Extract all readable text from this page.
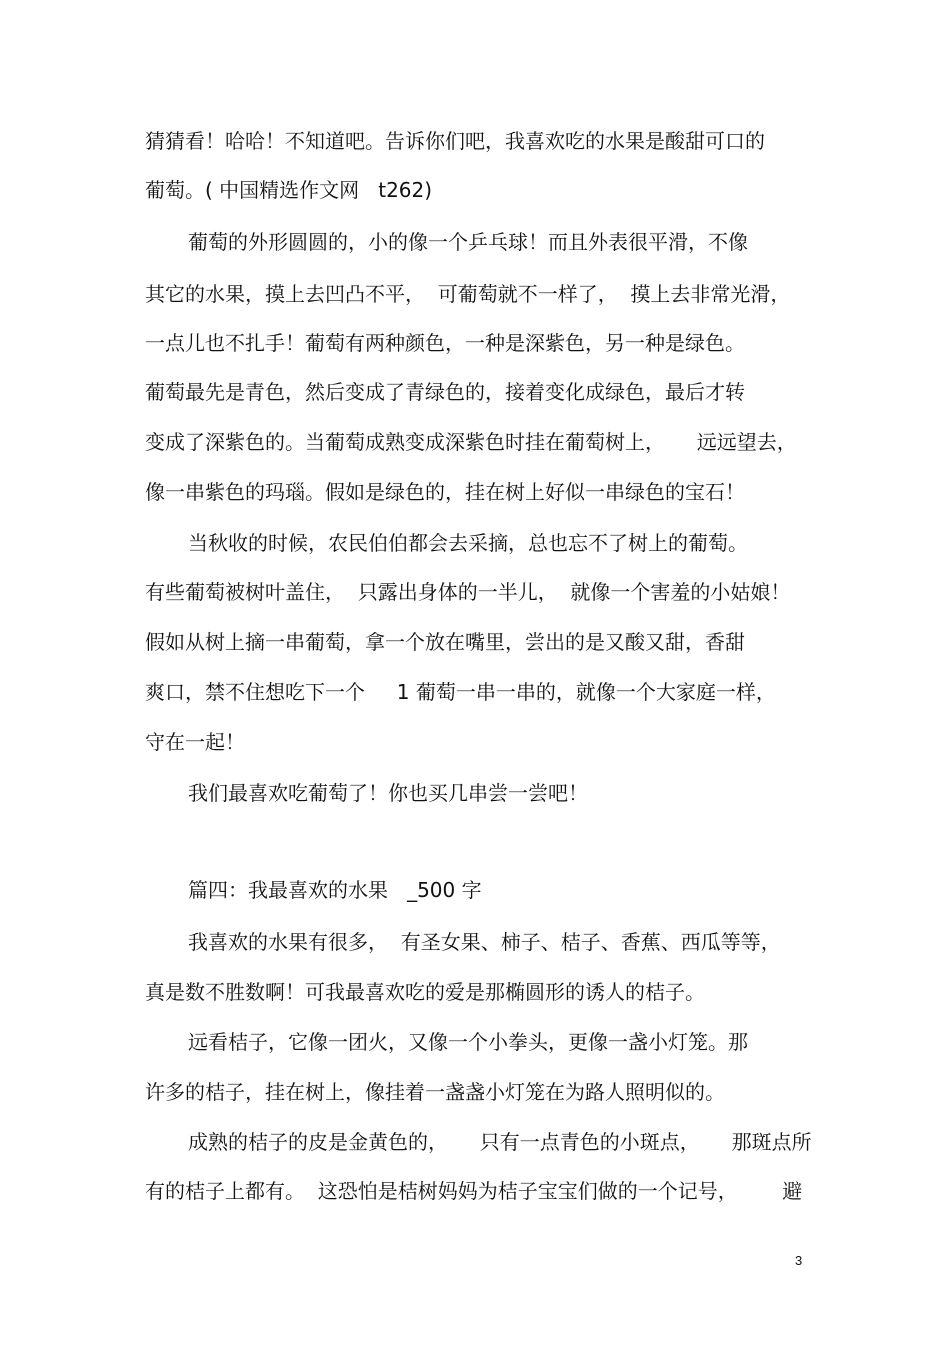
猜猜看！哈哈！不知道吧。告诉你们吧，我喜欢吃的水果是酸甜可口的
葡萄。( 中国精选作文网   t262)
葡萄的外形圆圆的，小的像一个乒乓球！而且外表很平滑，不像
其它的水果，摸上去凹凸不平，  可葡萄就不一样了，  摸上去非常光滑，
一点儿也不扎手！葡萄有两种颜色，一种是深紫色，另一种是绿色。
葡萄最先是青色，然后变成了青绿色的，接着变化成绿色，最后才转
变成了深紫色的。当葡萄成熟变成深紫色时挂在葡萄树上，     远远望去，
像一串紫色的玛瑙。假如是绿色的，挂在树上好似一串绿色的宝石！
当秋收的时候，农民伯伯都会去采摘，总也忘不了树上的葡萄。
有些葡萄被树叶盖住，  只露出身体的一半儿，  就像一个害羞的小姑娘！
假如从树上摘一串葡萄，拿一个放在嘴里，尝出的是又酸又甜，香甜
爽口，禁不住想吃下一个     1 葡萄一串一串的，就像一个大家庭一样，
守在一起！
我们最喜欢吃葡萄了！你也买几串尝一尝吧！
篇四：我最喜欢的水果   _500 字
我喜欢的水果有很多，  有圣女果、柿子、桔子、香蕉、西瓜等等，
真是数不胜数啊！可我最喜欢吃的爱是那椭圆形的诱人的桔子。
远看桔子，它像一团火，又像一个小拳头，更像一盏小灯笼。那
许多的桔子，挂在树上，像挂着一盏盏小灯笼在为路人照明似的。
成熟的桔子的皮是金黄色的，     只有一点青色的小斑点，     那斑点所
有的桔子上都有。  这恐怕是桔树妈妈为桔子宝宝们做的一个记号，       避
3
